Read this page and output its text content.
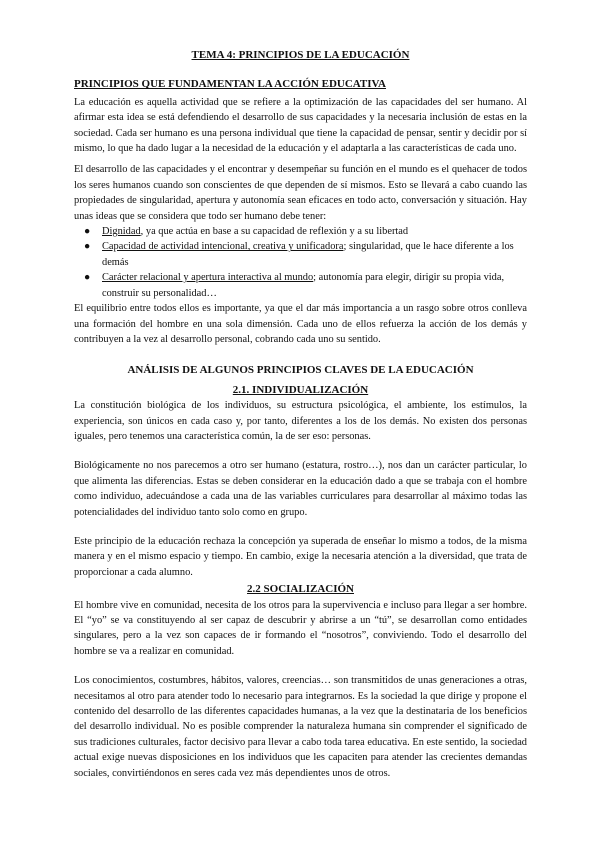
TEMA 4: PRINCIPIOS DE LA EDUCACIÓN
PRINCIPIOS QUE FUNDAMENTAN LA ACCIÓN EDUCATIVA

La educación es aquella actividad que se refiere a la optimización de las capacidades del ser humano. Al afirmar esta idea se está defendiendo el desarrollo de sus capacidades y la necesaria inclusión de estas en la sociedad. Cada ser humano es una persona individual que tiene la capacidad de pensar, sentir y decidir por sí mismo, lo que ha dado lugar a la necesidad de la educación y el adaptarla a las características de cada uno.

El desarrollo de las capacidades y el encontrar y desempeñar su función en el mundo es el quehacer de todos los seres humanos cuando son conscientes de que dependen de sí mismos. Esto se llevará a cabo cuando las propiedades de singularidad, apertura y autonomía sean eficaces en todo acto, conversación y situación. Hay unas ideas que se considera que todo ser humano debe tener:

● Dignidad, ya que actúa en base a su capacidad de reflexión y a su libertad
● Capacidad de actividad intencional, creativa y unificadora; singularidad, que le hace diferente a los demás
● Carácter relacional y apertura interactiva al mundo; autonomía para elegir, dirigir su propia vida, construir su personalidad…

El equilibrio entre todos ellos es importante, ya que el dar más importancia a un rasgo sobre otros conlleva una formación del hombre en una sola dimensión. Cada uno de ellos refuerza la acción de los demás y contribuyen a la vez al desarrollo personal, cobrando cada uno su sentido.

ANÁLISIS DE ALGUNOS PRINCIPIOS CLAVES DE LA EDUCACIÓN
2.1. INDIVIDUALIZACIÓN

La constitución biológica de los individuos, su estructura psicológica, el ambiente, los estímulos, la experiencia, son únicos en cada caso y, por tanto, diferentes a los de los demás. No existen dos personas iguales, pero tenemos una característica común, la de ser eso: personas.

Biológicamente no nos parecemos a otro ser humano (estatura, rostro…), nos dan un carácter particular, lo que alimenta las diferencias. Estas se deben considerar en la educación dado a que se trabaja con el hombre como individuo, adecuándose a cada una de las variables curriculares para desarrollar al máximo todas las potencialidades del individuo tanto solo como en grupo.

Este principio de la educación rechaza la concepción ya superada de enseñar lo mismo a todos, de la misma manera y en el mismo espacio y tiempo. En cambio, exige la necesaria atención a la diversidad, que trata de proporcionar a cada alumno.

2.2 SOCIALIZACIÓN

El hombre vive en comunidad, necesita de los otros para la supervivencia e incluso para llegar a ser hombre. El “yo” se va constituyendo al ser capaz de descubrir y abrirse a un “tú”, se desarrollan como entidades singulares, pero a la vez son capaces de ir formando el “nosotros”, conviviendo. Todo el desarrollo del hombre se va a realizar en comunidad.

Los conocimientos, costumbres, hábitos, valores, creencias… son transmitidos de unas generaciones a otras, necesitamos al otro para atender todo lo necesario para integrarnos. Es la sociedad la que dirige y propone el contenido del desarrollo de las diferentes capacidades humanas, a la vez que la destinataria de los beneficios del desarrollo individual. No es posible comprender la naturaleza humana sin comprender el significado de sus tradiciones culturales, factor decisivo para llevar a cabo toda tarea educativa. En este sentido, la sociedad actual exige nuevas disposiciones en los individuos que les capaciten para atender las crecientes demandas sociales, convirtiéndonos en seres cada vez más dependientes unos de otros.
